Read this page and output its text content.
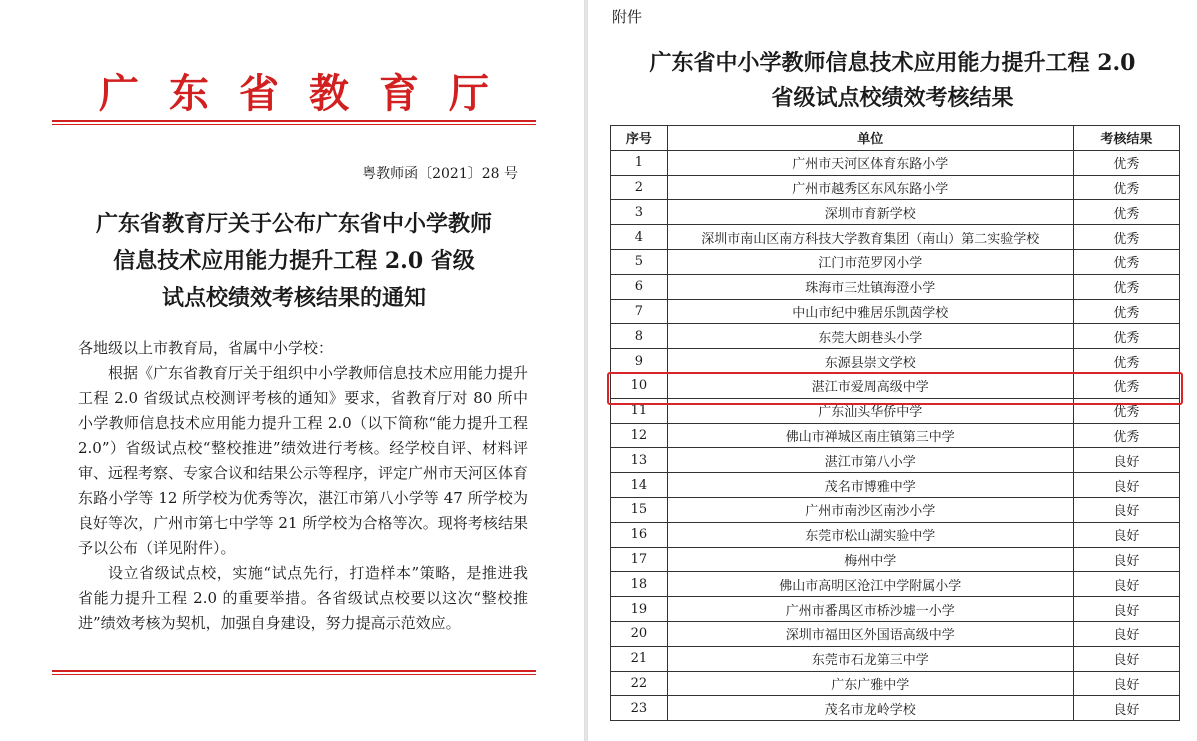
广东省教育厅
粤教师函〔2021〕28 号
广东省教育厅关于公布广东省中小学教师
信息技术应用能力提升工程 2.0 省级
试点校绩效考核结果的通知

各地级以上市教育局，省属中小学校：

根据《广东省教育厅关于组织中小学教师信息技术应用能力提升工程 2.0 省级试点校测评考核的通知》要求，省教育厅对 80 所中小学教师信息技术应用能力提升工程 2.0（以下简称“能力提升工程 2.0”）省级试点校“整校推进”绩效进行考核。经学校自评、材料评审、远程考察、专家合议和结果公示等程序，评定广州市天河区体育东路小学等 12 所学校为优秀等次，湛江市第八小学等 47 所学校为良好等次，广州市第七中学等 21 所学校为合格等次。现将考核结果予以公布（详见附件）。

设立省级试点校，实施“试点先行，打造样本”策略，是推进我省能力提升工程 2.0 的重要举措。各省级试点校要以这次“整校推进”绩效考核为契机，加强自身建设，努力提高示范效应。

附件
广东省中小学教师信息技术应用能力提升工程 2.0
省级试点校绩效考核结果
序号	单位	考核结果
1	广州市天河区体育东路小学	优秀
2	广州市越秀区东风东路小学	优秀
3	深圳市育新学校	优秀
4	深圳市南山区南方科技大学教育集团（南山）第二实验学校	优秀
5	江门市范罗冈小学	优秀
6	珠海市三灶镇海澄小学	优秀
7	中山市纪中雅居乐凯茵学校	优秀
8	东莞大朗巷头小学	优秀
9	东源县崇文学校	优秀
10	湛江市爱周高级中学	优秀
11	广东汕头华侨中学	优秀
12	佛山市禅城区南庄镇第三中学	优秀
13	湛江市第八小学	良好
14	茂名市博雅中学	良好
15	广州市南沙区南沙小学	良好
16	东莞市松山湖实验中学	良好
17	梅州中学	良好
18	佛山市高明区沧江中学附属小学	良好
19	广州市番禺区市桥沙墟一小学	良好
20	深圳市福田区外国语高级中学	良好
21	东莞市石龙第三中学	良好
22	广东广雅中学	良好
23	茂名市龙岭学校	良好
